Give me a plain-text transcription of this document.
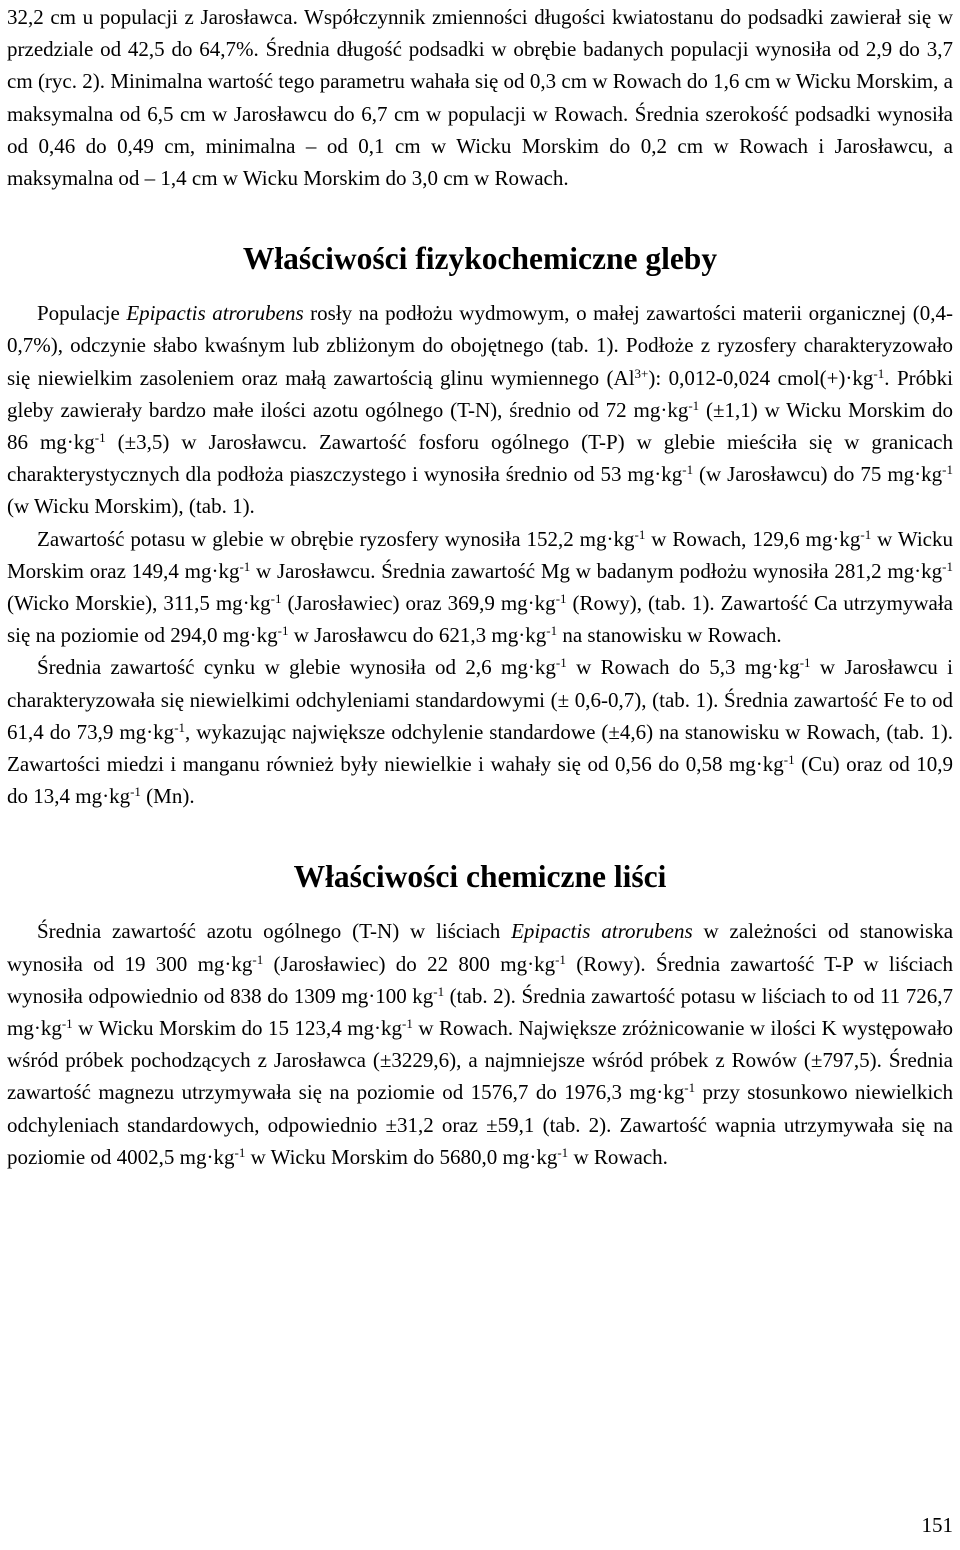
32,2 cm u populacji z Jarosławca. Współczynnik zmienności długości kwiatostanu do podsadki zawierał się w przedziale od 42,5 do 64,7%. Średnia długość podsadki w obrębie badanych populacji wynosiła od 2,9 do 3,7 cm (ryc. 2). Minimalna wartość tego parametru wahała się od 0,3 cm w Rowach do 1,6 cm w Wicku Morskim, a maksymalna od 6,5 cm w Jarosławcu do 6,7 cm w populacji w Rowach. Średnia szerokość podsadki wynosiła od 0,46 do 0,49 cm, minimalna – od 0,1 cm w Wicku Morskim do 0,2 cm w Rowach i Jarosławcu, a maksymalna od – 1,4 cm w Wicku Morskim do 3,0 cm w Rowach.

Właściwości fizykochemiczne gleby

Populacje Epipactis atrorubens rosły na podłożu wydmowym, o małej zawartości materii organicznej (0,4-0,7%), odczynie słabo kwaśnym lub zbliżonym do obojętnego (tab. 1). Podłoże z ryzosfery charakteryzowało się niewielkim zasoleniem oraz małą zawartością glinu wymiennego $(Al^{3+})$: 0,012-0,024 $cmol(+)\cdot kg^{-1}$. Próbki gleby zawierały bardzo małe ilości azotu ogólnego (T-N), średnio od 72 $mg\cdot kg^{-1}$ (±1,1) w Wicku Morskim do 86 $mg\cdot kg^{-1}$ (±3,5) w Jarosławcu. Zawartość fosforu ogólnego (T-P) w glebie mieściła się w granicach charakterystycznych dla podłoża piaszczystego i wynosiła średnio od 53 $mg\cdot kg^{-1}$ (w Jarosławcu) do 75 $mg\cdot kg^{-1}$ (w Wicku Morskim), (tab. 1).

Zawartość potasu w glebie w obrębie ryzosfery wynosiła 152,2 $mg\cdot kg^{-1}$ w Rowach, 129,6 $mg\cdot kg^{-1}$ w Wicku Morskim oraz 149,4 $mg\cdot kg^{-1}$ w Jarosławcu. Średnia zawartość Mg w badanym podłożu wynosiła 281,2 $mg\cdot kg^{-1}$ (Wicko Morskie), 311,5 $mg\cdot kg^{-1}$ (Jarosławiec) oraz 369,9 $mg\cdot kg^{-1}$ (Rowy), (tab. 1). Zawartość Ca utrzymywała się na poziomie od 294,0 $mg\cdot kg^{-1}$ w Jarosławcu do 621,3 $mg\cdot kg^{-1}$ na stanowisku w Rowach.

Średnia zawartość cynku w glebie wynosiła od 2,6 $mg\cdot kg^{-1}$ w Rowach do 5,3 $mg\cdot kg^{-1}$ w Jarosławcu i charakteryzowała się niewielkimi odchyleniami standardowymi (± 0,6-0,7), (tab. 1). Średnia zawartość Fe to od 61,4 do 73,9 $mg\cdot kg^{-1}$, wykazując największe odchylenie standardowe (±4,6) na stanowisku w Rowach, (tab. 1). Zawartości miedzi i manganu również były niewielkie i wahały się od 0,56 do 0,58 $mg\cdot kg^{-1}$ (Cu) oraz od 10,9 do 13,4 $mg\cdot kg^{-1}$ (Mn).

Właściwości chemiczne liści

Średnia zawartość azotu ogólnego (T-N) w liściach Epipactis atrorubens w zależności od stanowiska wynosiła od 19 300 $mg\cdot kg^{-1}$ (Jarosławiec) do 22 800 $mg\cdot kg^{-1}$ (Rowy). Średnia zawartość T-P w liściach wynosiła odpowiednio od 838 do 1309 mg·100 $kg^{-1}$ (tab. 2). Średnia zawartość potasu w liściach to od 11 726,7 $mg\cdot kg^{-1}$ w Wicku Morskim do 15 123,4 $mg\cdot kg^{-1}$ w Rowach. Największe zróżnicowanie w ilości K występowało wśród próbek pochodzących z Jarosławca (±3229,6), a najmniejsze wśród próbek z Rowów (±797,5). Średnia zawartość magnezu utrzymywała się na poziomie od 1576,7 do 1976,3 $mg\cdot kg^{-1}$ przy stosunkowo niewielkich odchyleniach standardowych, odpowiednio ±31,2 oraz ±59,1 (tab. 2). Zawartość wapnia utrzymywała się na poziomie od 4002,5 $mg\cdot kg^{-1}$ w Wicku Morskim do 5680,0 $mg\cdot kg^{-1}$ w Rowach.

151
